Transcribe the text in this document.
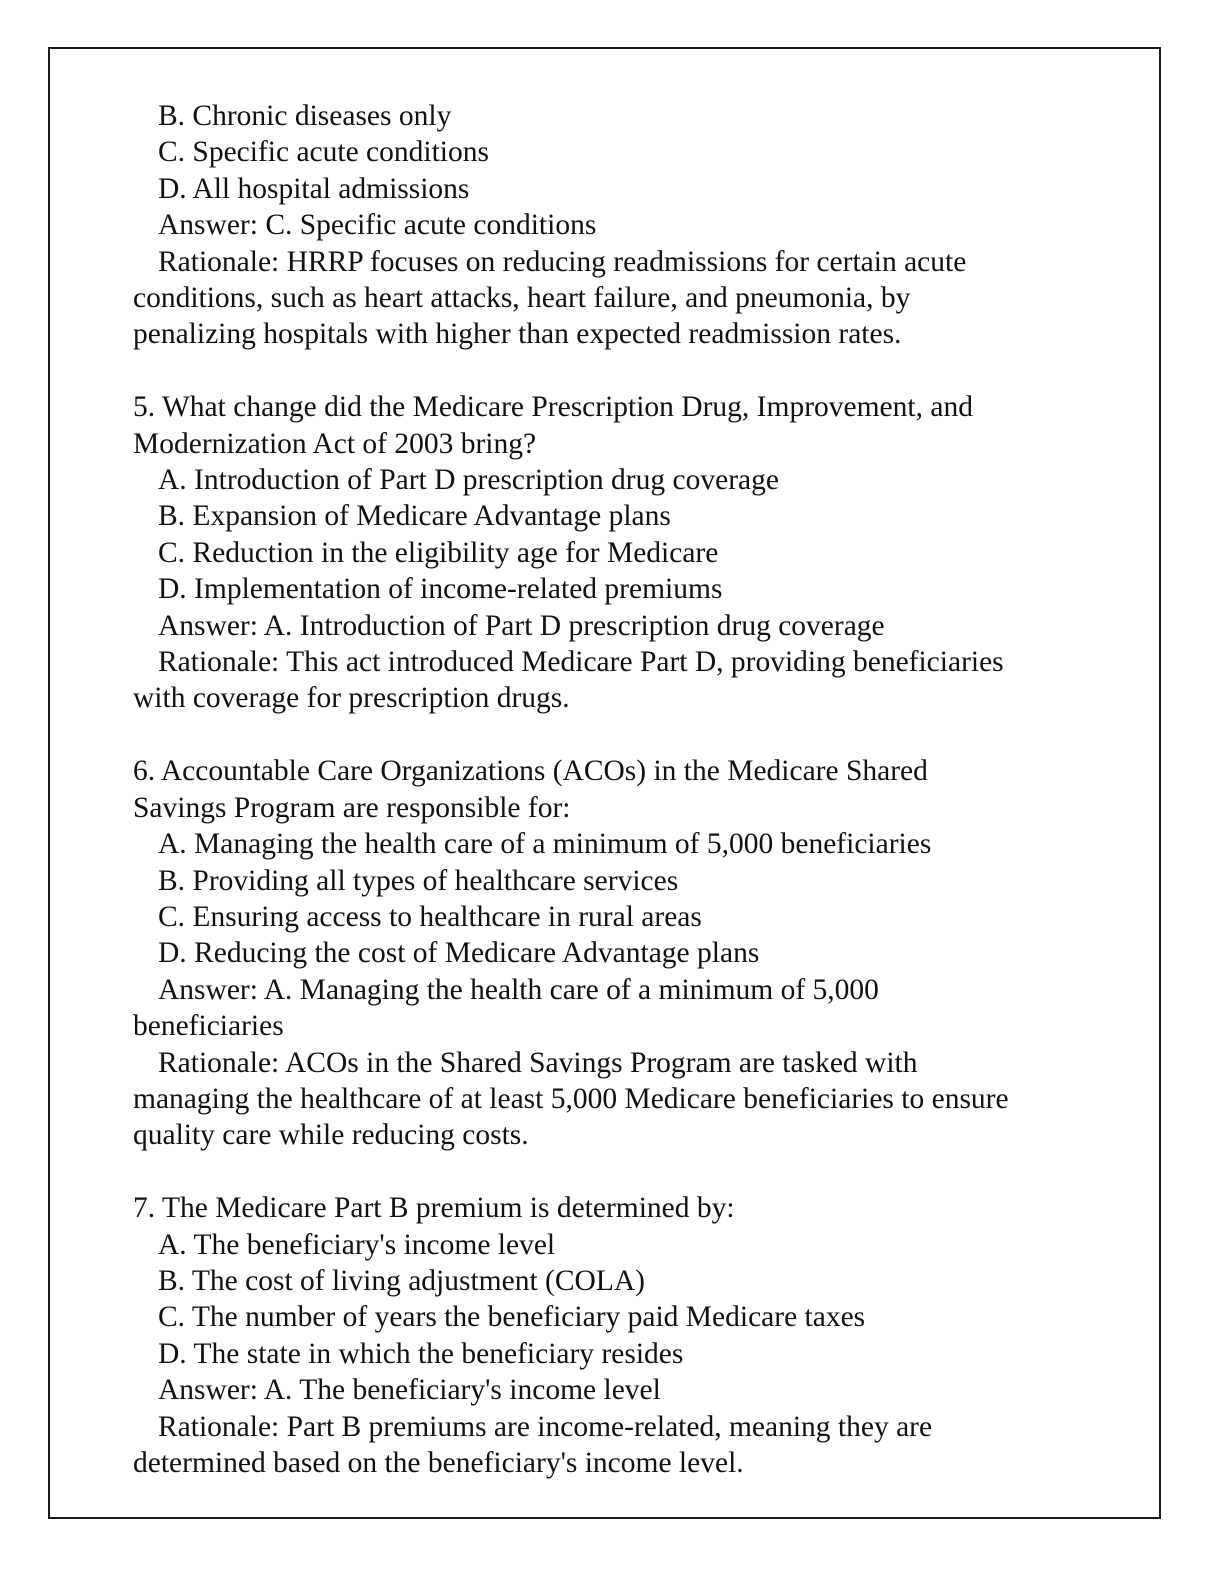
B. Chronic diseases only
C. Specific acute conditions
D. All hospital admissions
Answer: C. Specific acute conditions
Rationale: HRRP focuses on reducing readmissions for certain acute
conditions, such as heart attacks, heart failure, and pneumonia, by
penalizing hospitals with higher than expected readmission rates.
5. What change did the Medicare Prescription Drug, Improvement, and
Modernization Act of 2003 bring?
A. Introduction of Part D prescription drug coverage
B. Expansion of Medicare Advantage plans
C. Reduction in the eligibility age for Medicare
D. Implementation of income-related premiums
Answer: A. Introduction of Part D prescription drug coverage
Rationale: This act introduced Medicare Part D, providing beneficiaries
with coverage for prescription drugs.
6. Accountable Care Organizations (ACOs) in the Medicare Shared
Savings Program are responsible for:
A. Managing the health care of a minimum of 5,000 beneficiaries
B. Providing all types of healthcare services
C. Ensuring access to healthcare in rural areas
D. Reducing the cost of Medicare Advantage plans
Answer: A. Managing the health care of a minimum of 5,000
beneficiaries
Rationale: ACOs in the Shared Savings Program are tasked with
managing the healthcare of at least 5,000 Medicare beneficiaries to ensure
quality care while reducing costs.
7. The Medicare Part B premium is determined by:
A. The beneficiary's income level
B. The cost of living adjustment (COLA)
C. The number of years the beneficiary paid Medicare taxes
D. The state in which the beneficiary resides
Answer: A. The beneficiary's income level
Rationale: Part B premiums are income-related, meaning they are
determined based on the beneficiary's income level.
